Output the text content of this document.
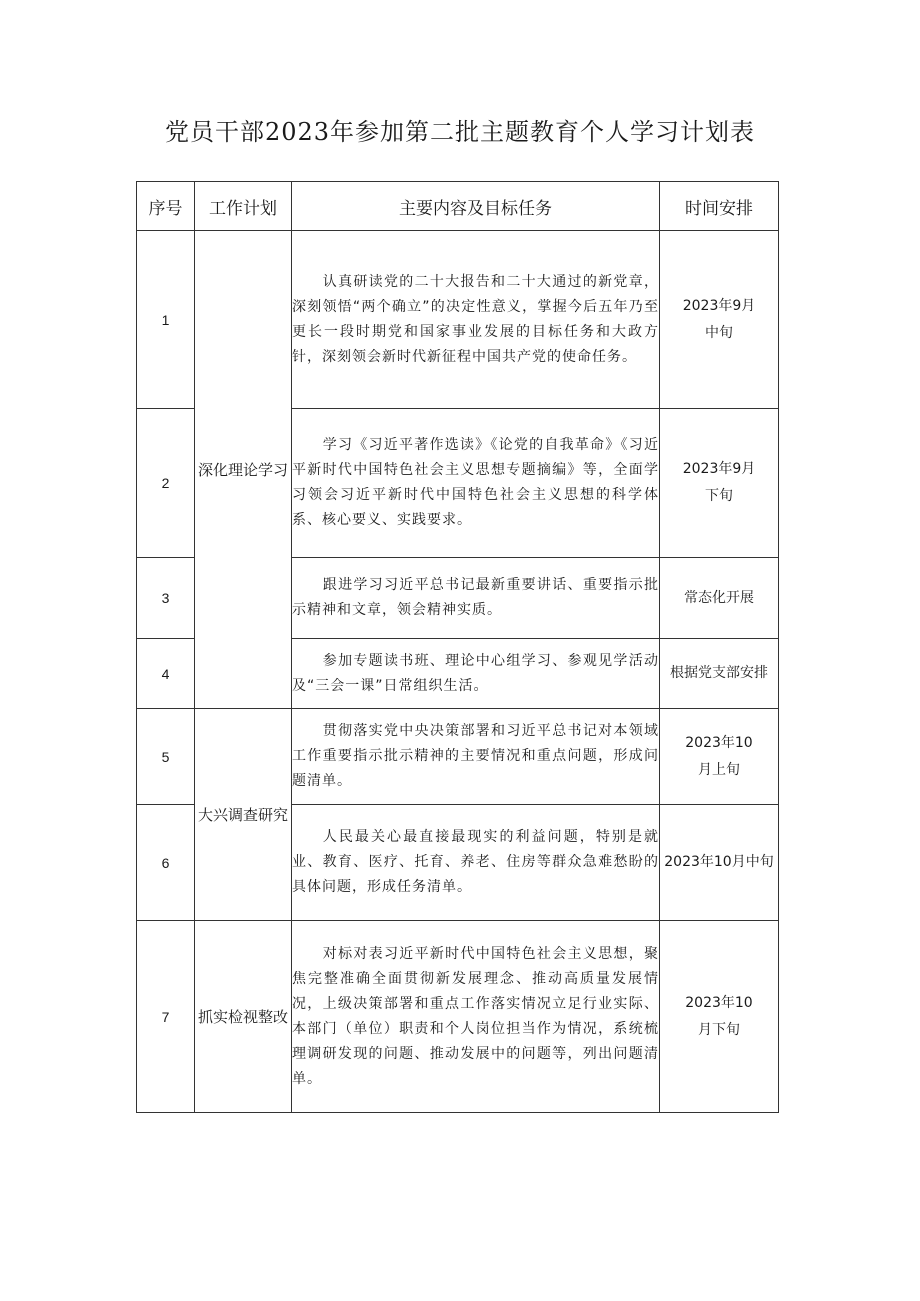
党员干部2023年参加第二批主题教育个人学习计划表
序号	工作计划	主要内容及目标任务	时间安排
1	深化理论学习	认真研读党的二十大报告和二十大通过的新党章，深刻领悟“两个确立”的决定性意义，掌握今后五年乃至更长一段时期党和国家事业发展的目标任务和大政方针，深刻领会新时代新征程中国共产党的使命任务。	2023年9月中旬

2		学习《习近平著作选读》《论党的自我革命》《习近平新时代中国特色社会主义思想专题摘编》等，全面学习领会习近平新时代中国特色社会主义思想的科学体系、核心要义、实践要求。	2023年9月下旬

3		跟进学习习近平总书记最新重要讲话、重要指示批示精神和文章，领会精神实质。	常态化开展
4		参加专题读书班、理论中心组学习、参观见学活动及“三会一课”日常组织生活。	根据党支部安排

5	大兴调查研究	贯彻落实党中央决策部署和习近平总书记对本领域工作重要指示批示精神的主要情况和重点问题，形成问题清单。	2023年10月上旬

6		人民最关心最直接最现实的利益问题，特别是就业、教育、医疗、托育、养老、住房等群众急难愁盼的具体问题，形成任务清单。	2023年10月中旬

7	抓实检视整改	对标对表习近平新时代中国特色社会主义思想，聚焦完整准确全面贯彻新发展理念、推动高质量发展情况，上级决策部署和重点工作落实情况立足行业实际、本部门（单位）职责和个人岗位担当作为情况，系统梳理调研发现的问题、推动发展中的问题等，列出问题清单。	2023年10月下旬
